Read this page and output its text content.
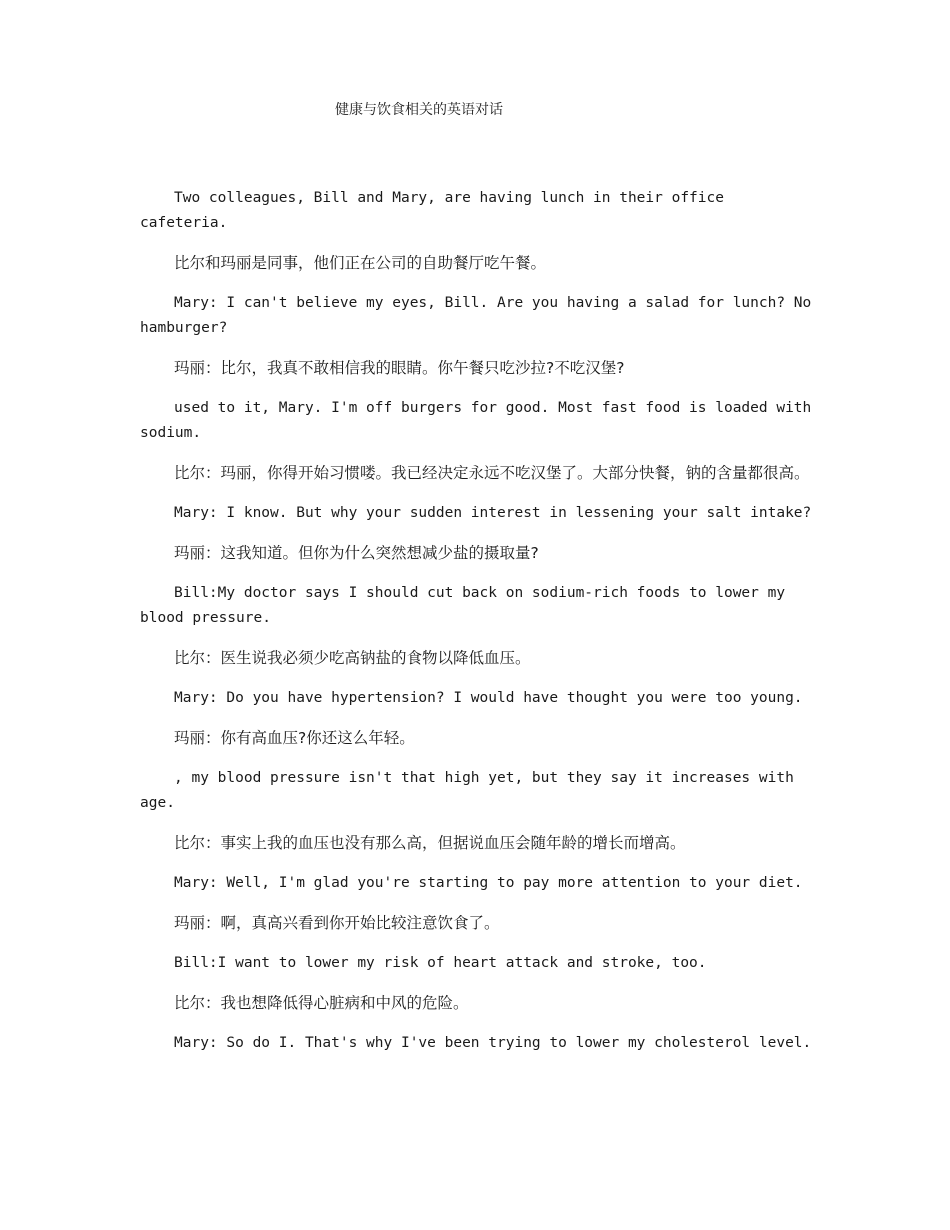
健康与饮食相关的英语对话

Two colleagues, Bill and Mary, are having lunch in their office cafeteria.

比尔和玛丽是同事，他们正在公司的自助餐厅吃午餐。

Mary: I can't believe my eyes, Bill. Are you having a salad for lunch? No hamburger?

玛丽：比尔，我真不敢相信我的眼睛。你午餐只吃沙拉?不吃汉堡?

used to it, Mary. I'm off burgers for good. Most fast food is loaded with sodium.

比尔：玛丽，你得开始习惯喽。我已经决定永远不吃汉堡了。大部分快餐，钠的含量都很高。

Mary: I know. But why your sudden interest in lessening your salt intake?

玛丽：这我知道。但你为什么突然想减少盐的摄取量?

Bill:My doctor says I should cut back on sodium-rich foods to lower my blood pressure.

比尔：医生说我必须少吃高钠盐的食物以降低血压。

Mary: Do you have hypertension? I would have thought you were too young.

玛丽：你有高血压?你还这么年轻。

, my blood pressure isn't that high yet, but they say it increases with age.

比尔：事实上我的血压也没有那么高，但据说血压会随年龄的增长而增高。

Mary: Well, I'm glad you're starting to pay more attention to your diet.

玛丽：啊，真高兴看到你开始比较注意饮食了。

Bill:I want to lower my risk of heart attack and stroke, too.

比尔：我也想降低得心脏病和中风的危险。

Mary: So do I. That's why I've been trying to lower my cholesterol level.
